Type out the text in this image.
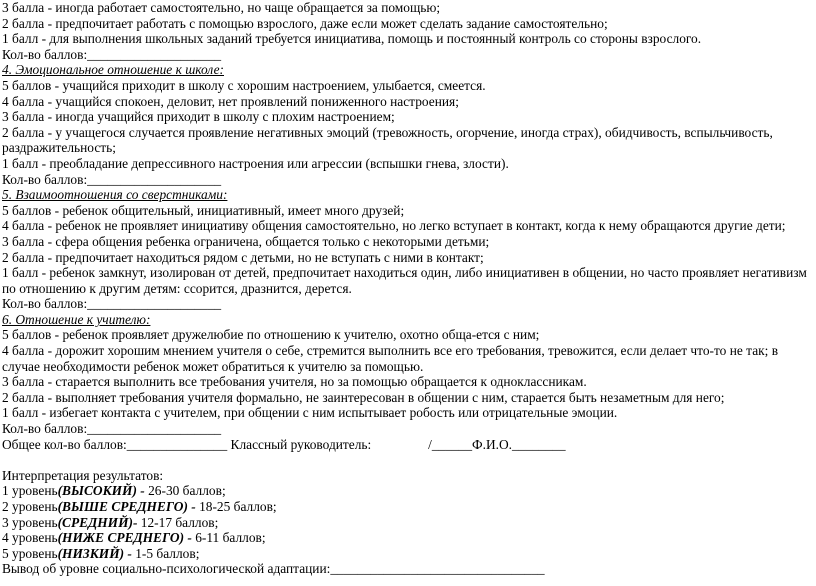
3 балла - иногда работает самостоятельно, но чаще обращается за помощью;
2 балла - предпочитает работать с помощью взрослого, даже если может сделать задание самостоятельно;
1 балл - для выполнения школьных заданий требуется инициатива, помощь и постоянный контроль со стороны взрослого.
Кол-во баллов:____________________
4. Эмоциональное отношение к школе:
5 баллов - учащийся приходит в школу с хорошим настроением, улыбается, смеется.
4 балла - учащийся спокоен, деловит, нет проявлений пониженного настроения;
3 балла - иногда учащийся приходит в школу с плохим настроением;
2 балла - у учащегося случается проявление негативных эмоций (тревожность, огорчение, иногда страх), обидчивость, вспыльчивость,
раздражительность;
1 балл - преобладание депрессивного настроения или агрессии (вспышки гнева, злости).
Кол-во баллов:____________________
5. Взаимоотношения со сверстниками:
5 баллов - ребенок общительный, инициативный, имеет много друзей;
4 балла - ребенок не проявляет инициативу общения самостоятельно, но легко вступает в контакт, когда к нему обращаются другие дети;
3 балла - сфера общения ребенка ограничена, общается только с некоторыми детьми;
2 балла - предпочитает находиться рядом с детьми, но не вступать с ними в контакт;
1 балл - ребенок замкнут, изолирован от детей, предпочитает находиться один, либо инициативен в общении, но часто проявляет негативизм
по отношению к другим детям: ссорится, дразнится, дерется.
Кол-во баллов:____________________
6. Отношение к учителю:
5 баллов - ребенок проявляет дружелюбие по отношению к учителю, охотно обща-ется с ним;
4 балла - дорожит хорошим мнением учителя о себе, стремится выполнить все его требования, тревожится, если делает что-то не так; в
случае необходимости ребенок может обратиться к учителю за помощью.
3 балла - старается выполнить все требования учителя, но за помощью обращается к одноклассникам.
2 балла - выполняет требования учителя формально, не заинтересован в общении с ним, старается быть незаметным для него;
1 балл - избегает контакта с учителем, при общении с ним испытывает робость или отрицательные эмоции.
Кол-во баллов:____________________
Общее кол-во баллов:_______________ Классный руководитель:                 /______Ф.И.О.________
Интерпретация результатов:
1 уровень(ВЫСОКИЙ) - 26-30 баллов;
2 уровень(ВЫШЕ СРЕДНЕГО) - 18-25 баллов;
3 уровень(СРЕДНИЙ)- 12-17 баллов;
4 уровень(НИЖЕ СРЕДНЕГО) - 6-11 баллов;
5 уровень(НИЗКИЙ) - 1-5 баллов;
Вывод об уровне социально-психологической адаптации:________________________________
